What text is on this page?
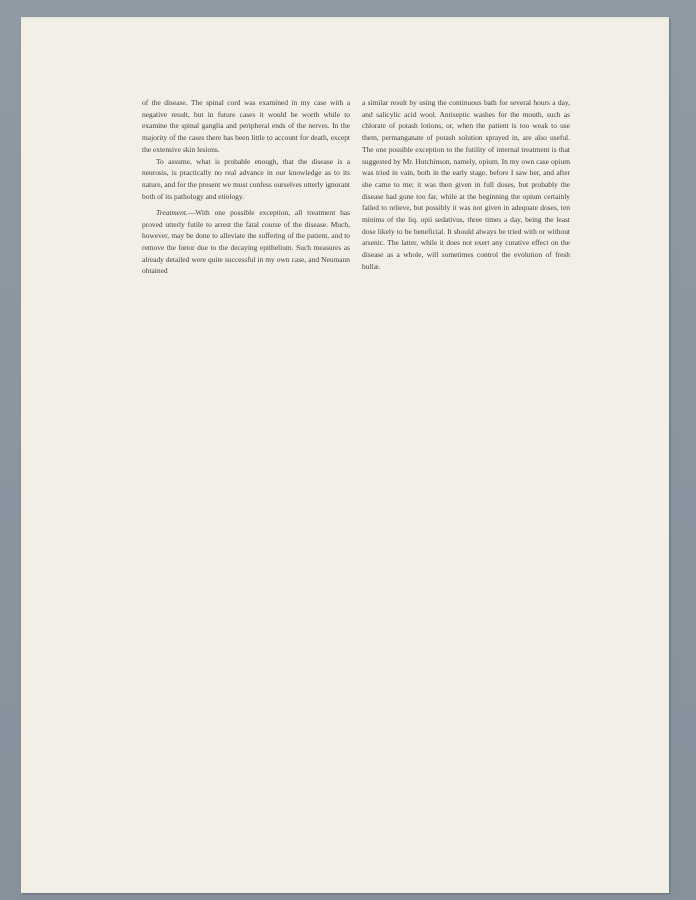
of the disease. The spinal cord was examined in my case with a negative result, but in future cases it would be worth while to examine the spinal ganglia and peripheral ends of the nerves. In the majority of the cases there has been little to account for death, except the extensive skin lesions.

To assume, what is probable enough, that the disease is a neurosis, is practically no real advance in our knowledge as to its nature, and for the present we must confess ourselves utterly ignorant both of its pathology and etiology.

Treatment.—With one possible exception, all treatment has proved utterly futile to arrest the fatal course of the disease. Much, however, may be done to alleviate the suffering of the patient, and to remove the fœtor due to the decaying epithelium. Such measures as already detailed were quite successful in my own case, and Neumann obtained

a similar result by using the continuous bath for several hours a day, and salicylic acid wool. Antiseptic washes for the mouth, such as chlorate of potash lotions, or, when the patient is too weak to use them, permanganate of potash solution sprayed in, are also useful. The one possible exception to the futility of internal treatment is that suggested by Mr. Hutchinson, namely, opium. In my own case opium was tried in vain, both in the early stage, before I saw her, and after she came to me; it was then given in full doses, but probably the disease had gone too far, while at the beginning the opium certainly failed to relieve, but possibly it was not given in adequate doses, ten minims of the liq. opii sedativus, three times a day, being the least dose likely to be beneficial. It should always be tried with or without arsenic. The latter, while it does not exert any curative effect on the disease as a whole, will sometimes control the evolution of fresh bullæ.
